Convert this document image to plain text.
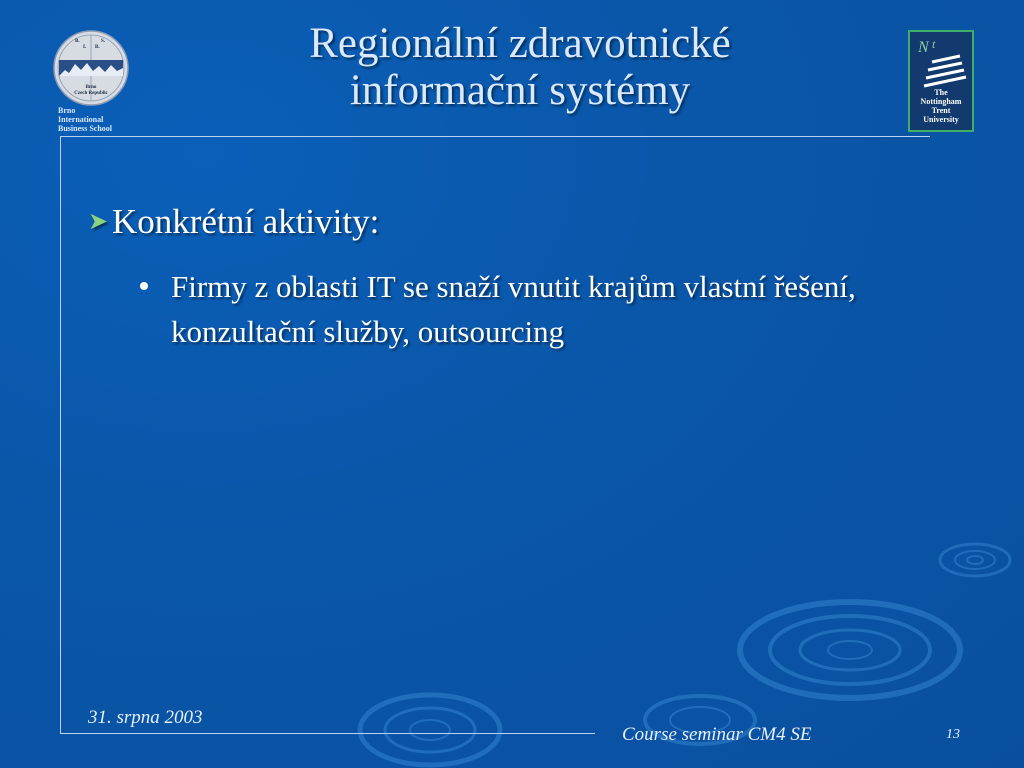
B.	S.
I. B.
Brno
Czech Republic
Brno
International
Business School
N t
The
Nottingham
Trent
University
Regionální zdravotnické
informační systémy
➤ Konkrétní aktivity:
Firmy z oblasti IT se snaží vnutit krajům vlastní řešení, konzultační služby, outsourcing
31. srpna 2003
Course seminar CM4 SE	13
